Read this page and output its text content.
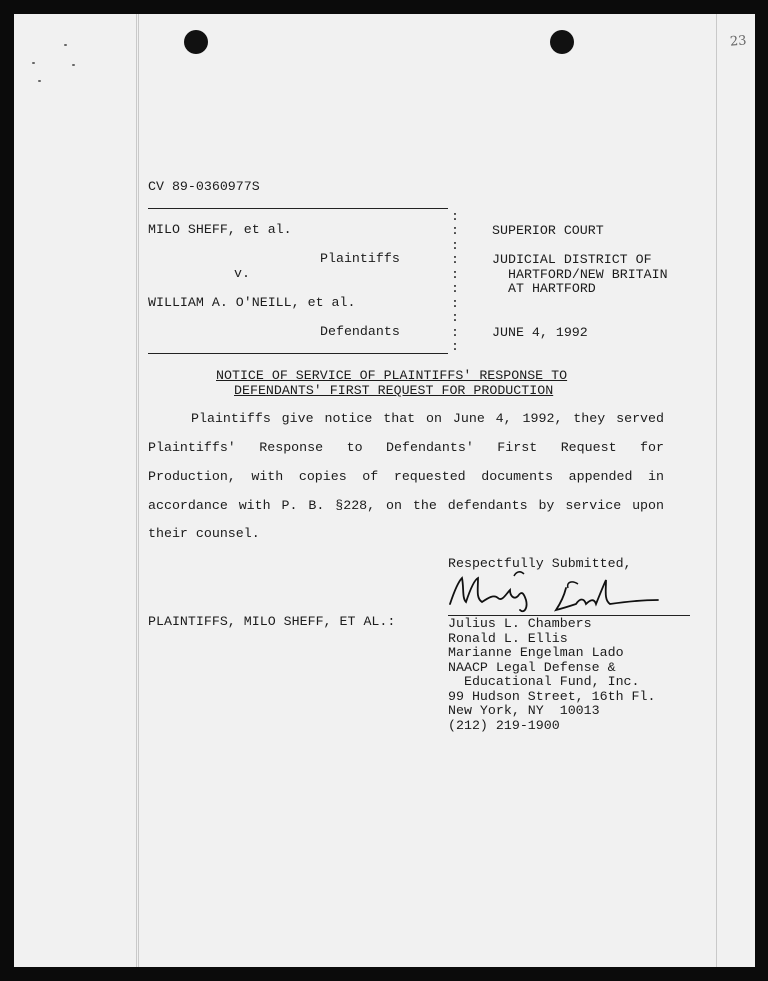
23
CV 89-0360977S
MILO SHEFF, et al.
Plaintiffs
v.
WILLIAM A. O'NEILL, et al.
Defendants
:
:
:
:
:
:
:
:
:
:
SUPERIOR COURT
JUDICIAL DISTRICT OF
HARTFORD/NEW BRITAIN
AT HARTFORD
JUNE 4, 1992
NOTICE OF SERVICE OF PLAINTIFFS' RESPONSE TO
DEFENDANTS' FIRST REQUEST FOR PRODUCTION
Plaintiffs give notice that on June 4, 1992, they served
Plaintiffs' Response to Defendants' First Request for
Production, with copies of requested documents appended in
accordance with P. B. §228, on the defendants by service upon
their counsel.
Respectfully Submitted,
PLAINTIFFS, MILO SHEFF, ET AL.:	Julius L. Chambers
Ronald L. Ellis
Marianne Engelman Lado
NAACP Legal Defense &
Educational Fund, Inc.
99 Hudson Street, 16th Fl.
New York, NY  10013
(212) 219-1900
